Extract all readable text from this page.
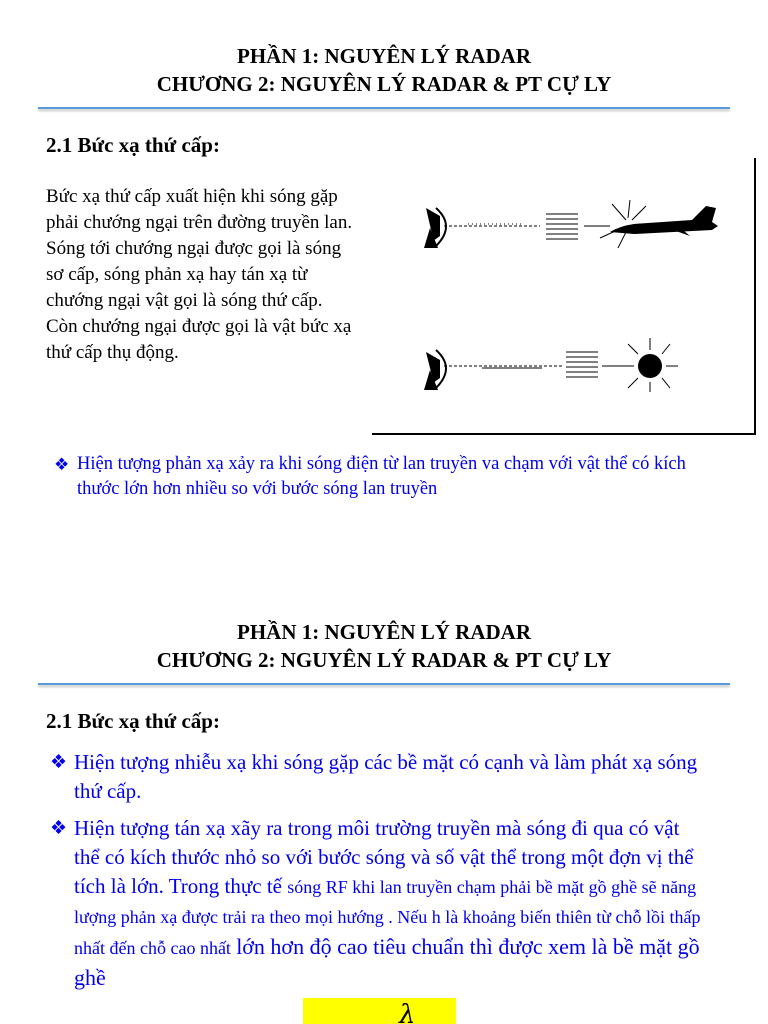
PHẦN 1: NGUYÊN LÝ RADAR
CHƯƠNG 2: NGUYÊN LÝ RADAR & PT CỰ LY
2.1 Bức xạ thứ cấp:
Bức xạ thứ cấp xuất hiện khi sóng gặp phải chướng ngại trên đường truyền lan. Sóng tới chướng ngại được gọi là sóng sơ cấp, sóng phản xạ hay tán xạ từ chướng ngại vật gọi là sóng thứ cấp. Còn chướng ngại được gọi là vật bức xạ thứ cấp thụ động.
❖ Hiện tượng phản xạ xảy ra khi sóng điện từ lan truyền va chạm với vật thể có kích thước lớn hơn nhiều so với bước sóng lan truyền
PHẦN 1: NGUYÊN LÝ RADAR
CHƯƠNG 2: NGUYÊN LÝ RADAR & PT CỰ LY
2.1 Bức xạ thứ cấp:
❖ Hiện tượng nhiễu xạ khi sóng gặp các bề mặt có cạnh và làm phát xạ sóng thứ cấp.
❖ Hiện tượng tán xạ xãy ra trong môi trường truyền mà sóng đi qua có vật thể có kích thước nhỏ so với bước sóng và số vật thể trong một đợn vị thể tích là lớn. Trong thực tế sóng RF khi lan truyền chạm phải bề mặt gồ ghề sẽ năng lượng phản xạ được trải ra theo mọi hướng . Nếu h là khoảng biến thiên từ chỗ lồi thấp nhất đến chỗ cao nhất lớn hơn độ cao tiêu chuẩn thì được xem là bề mặt gồ ghề
λ
